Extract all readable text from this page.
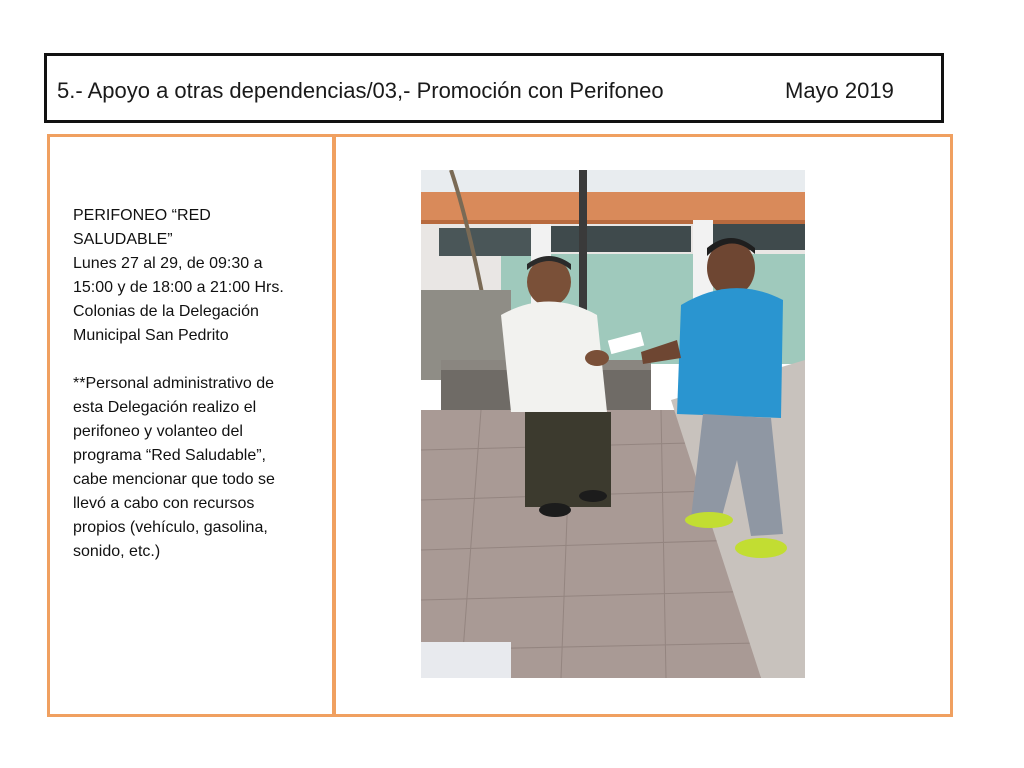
5.- Apoyo a otras dependencias/03,- Promoción con Perifoneo	Mayo 2019

PERIFONEO “RED

SALUDABLE”

Lunes 27 al 29, de 09:30 a

15:00 y de 18:00 a 21:00 Hrs.

Colonias de la Delegación

Municipal San Pedrito

**Personal administrativo de

esta Delegación realizo el

perifoneo y volanteo del

programa “Red Saludable”,

cabe mencionar que todo se

llevó a cabo con recursos

propios (vehículo, gasolina,

sonido, etc.)
